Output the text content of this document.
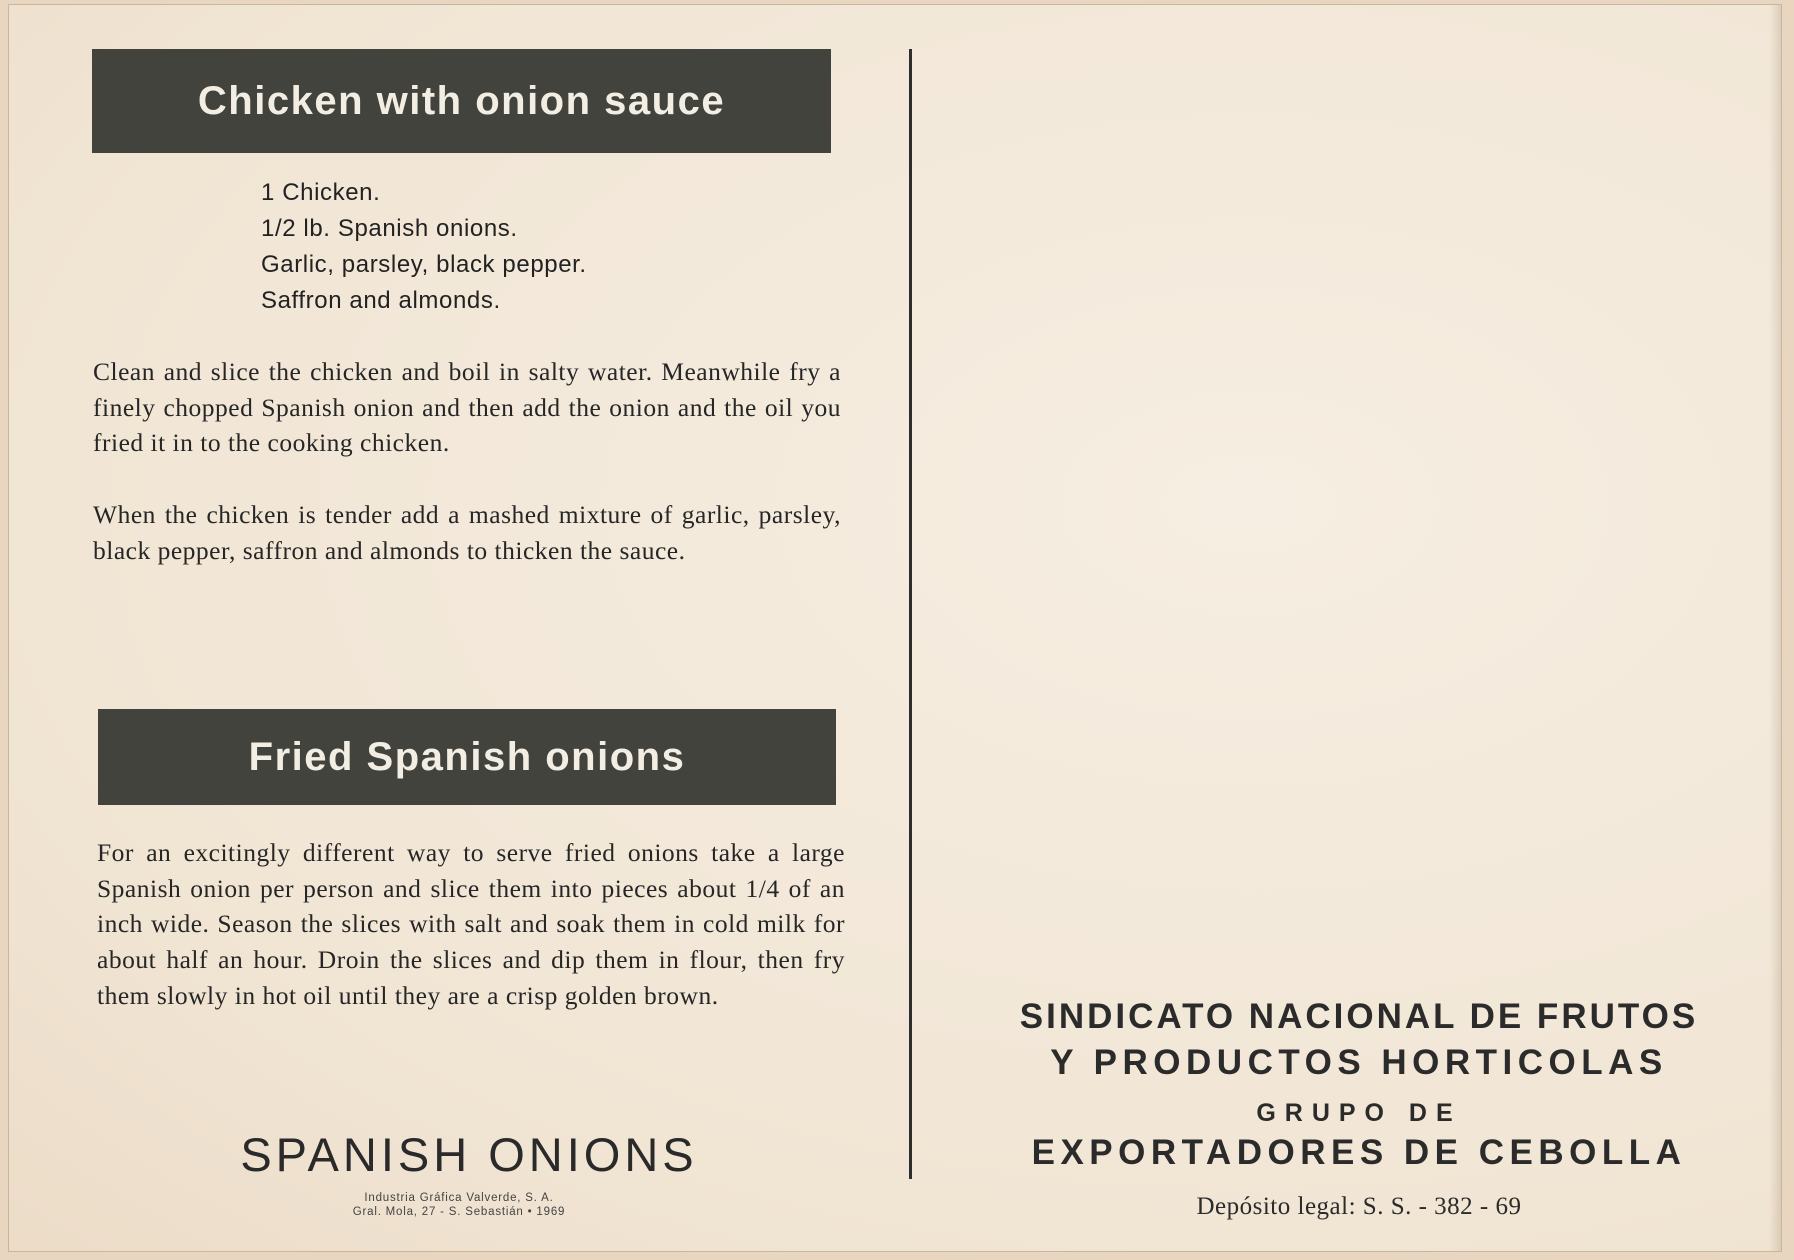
Chicken with onion sauce
1 Chicken.
1/2 lb. Spanish onions.
Garlic, parsley, black pepper.
Saffron and almonds.

Clean and slice the chicken and boil in salty water. Meanwhile fry a finely chopped Spanish onion and then add the onion and the oil you fried it in to the cooking chicken.

When the chicken is tender add a mashed mixture of garlic, parsley, black pepper, saffron and almonds to thicken the sauce.

Fried Spanish onions

For an excitingly different way to serve fried onions take a large Spanish onion per person and slice them into pieces about 1/4 of an inch wide. Season the slices with salt and soak them in cold milk for about half an hour. Droin the slices and dip them in flour, then fry them slowly in hot oil until they are a crisp golden brown.

SPANISH ONIONS
Industria Gráfica Valverde, S. A.
Gral. Mola, 27 - S. Sebastián • 1969
SINDICATO NACIONAL DE FRUTOS
Y PRODUCTOS HORTICOLAS
GRUPO DE
EXPORTADORES DE CEBOLLA
Depósito legal: S. S. - 382 - 69
